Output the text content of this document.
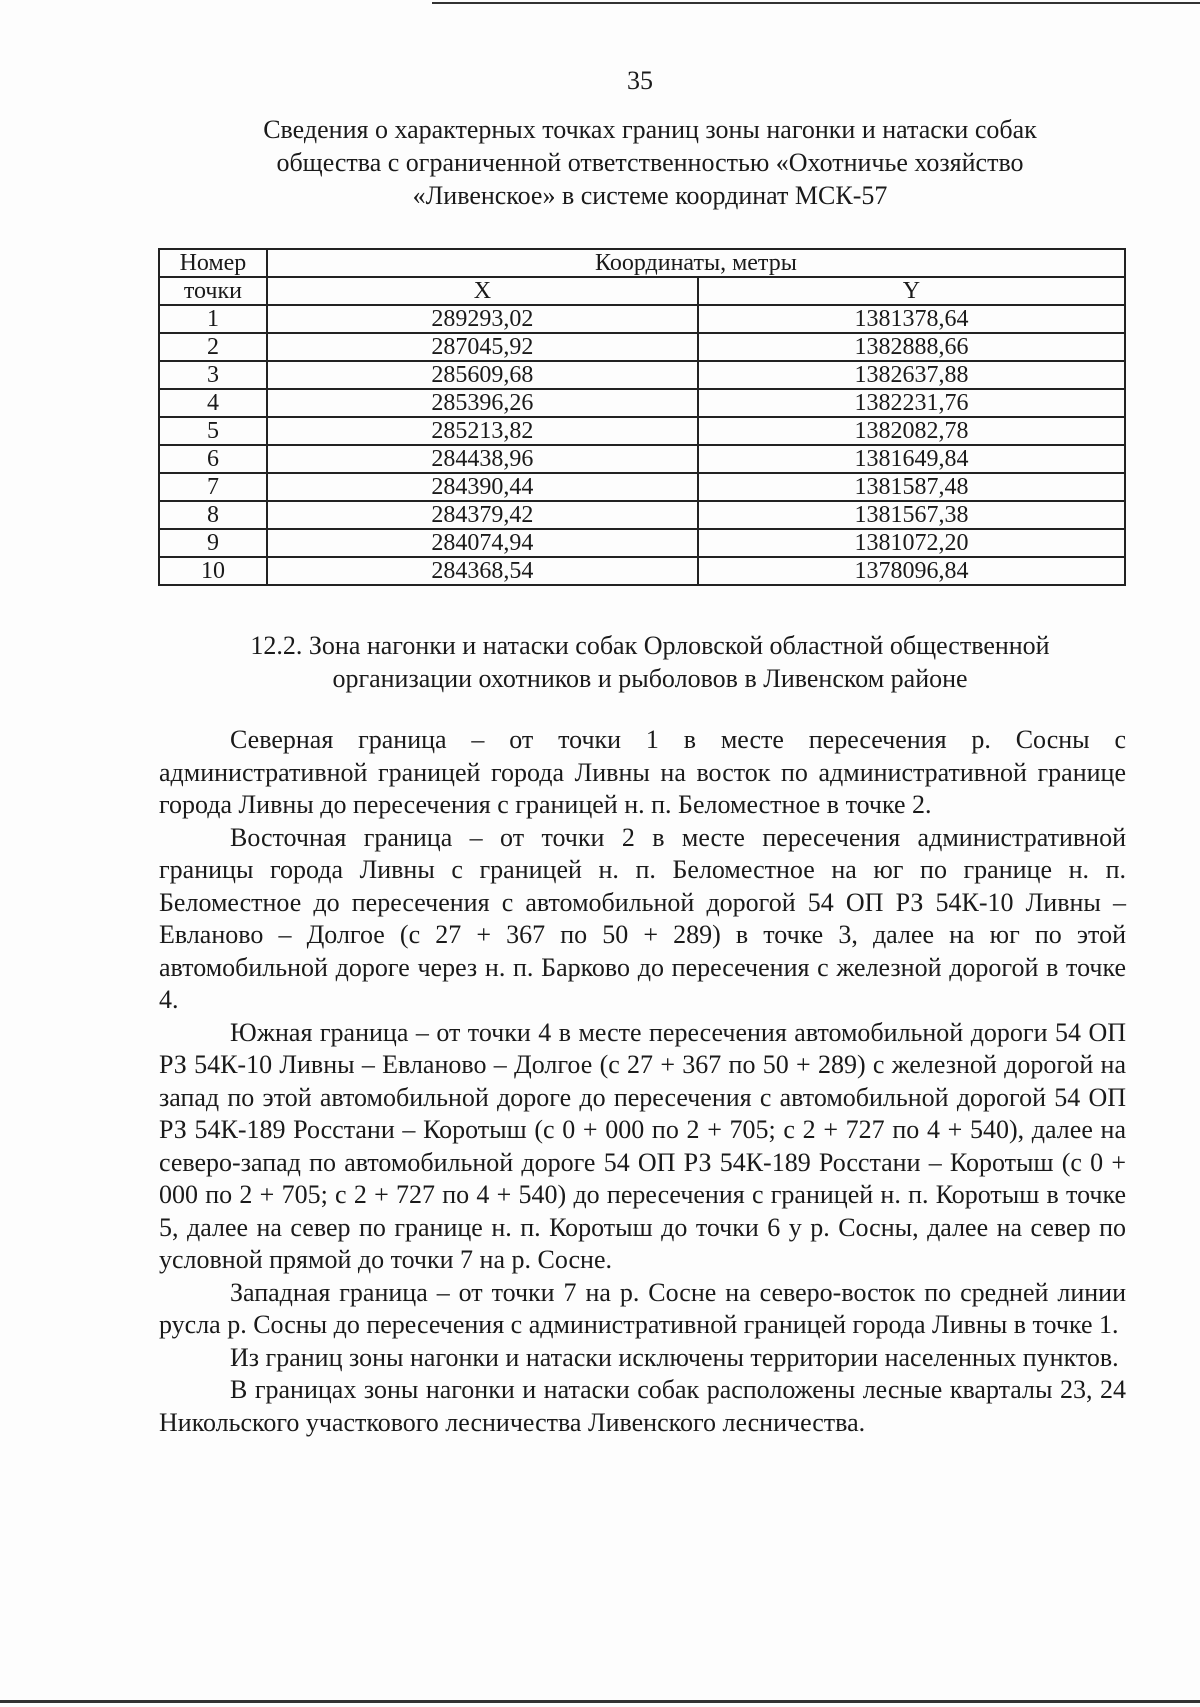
35
Сведения о характерных точках границ зоны нагонки и натаски собак
общества с ограниченной ответственностью «Охотничье хозяйство
«Ливенское» в системе координат МСК-57
Номер	Координаты, метры	
точки	X	Y
1	289293,02	1381378,64
2	287045,92	1382888,66
3	285609,68	1382637,88
4	285396,26	1382231,76
5	285213,82	1382082,78
6	284438,96	1381649,84
7	284390,44	1381587,48
8	284379,42	1381567,38
9	284074,94	1381072,20
10	284368,54	1378096,84
12.2. Зона нагонки и натаски собак Орловской областной общественной
организации охотников и рыболовов в Ливенском районе

Северная граница – от точки 1 в месте пересечения р. Сосны с административной границей города Ливны на восток по административной границе города Ливны до пересечения с границей н. п. Беломестное в точке 2.

Восточная граница – от точки 2 в месте пересечения административной границы города Ливны с границей н. п. Беломестное на юг по границе н. п. Беломестное до пересечения с автомобильной дорогой 54 ОП РЗ 54К-10 Ливны – Евланово – Долгое (с 27 + 367 по 50 + 289) в точке 3, далее на юг по этой автомобильной дороге через н. п. Барково до пересечения с железной дорогой в точке 4.

Южная граница – от точки 4 в месте пересечения автомобильной дороги 54 ОП РЗ 54К-10 Ливны – Евланово – Долгое (с 27 + 367 по 50 + 289) с железной дорогой на запад по этой автомобильной дороге до пересечения с автомобильной дорогой 54 ОП РЗ 54К-189 Росстани – Коротыш (с 0 + 000 по 2 + 705; с 2 + 727 по 4 + 540), далее на северо-запад по автомобильной дороге 54 ОП РЗ 54К-189 Росстани – Коротыш (с 0 + 000 по 2 + 705; с 2 + 727 по 4 + 540) до пересечения с границей н. п. Коротыш в точке 5, далее на север по границе н. п. Коротыш до точки 6 у р. Сосны, далее на север по условной прямой до точки 7 на р. Сосне.

Западная граница – от точки 7 на р. Сосне на северо-восток по средней линии русла р. Сосны до пересечения с административной границей города Ливны в точке 1.

Из границ зоны нагонки и натаски исключены территории населенных пунктов.

В границах зоны нагонки и натаски собак расположены лесные кварталы 23, 24 Никольского участкового лесничества Ливенского лесничества.
